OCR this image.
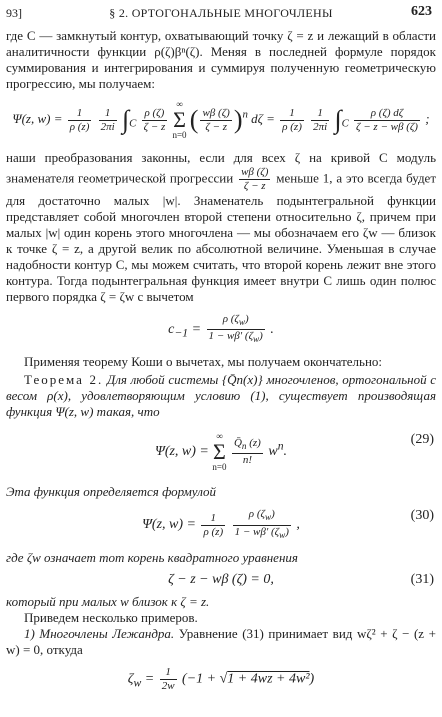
93]	§ 2. ОРТОГОНАЛЬНЫЕ МНОГОЧЛЕНЫ	623

где C — замкнутый контур, охватывающий точку ζ = z и лежащий в области аналитичности функции ρ(ζ)βⁿ(ζ). Меняя в последней формуле порядок суммирования и интегрирования и суммируя полученную геометрическую прогрессию, мы получаем:

Ψ(z, $w) = \frac{1}{\rho (z)}$
$\frac{1}{2\pi i} \int_C \frac{\rho (\zeta)}{\zeta - z}$
∞
Σ
n=0 ( $\frac{w\beta (\zeta)}{\zeta - z} )^n$ $d\zeta = \frac{1}{\rho (z)}$
$\frac{1}{2\pi i} \int_C \frac{\rho (\zeta) d\zeta}{\zeta - z - w\beta (\zeta)}$ ;

наши преобразования законны, если для всех ζ на кривой C модуль знаменателя геометрической прогрессии $\frac{w\beta (\zeta)}{\zeta - z}$ меньше 1, а это всегда будет для достаточно малых |w|. Знаменатель подынтегральной функции представляет собой многочлен второй степени относительно ζ, причем при малых |w| один корень этого многочлена — мы обозначаем его ζw — близок к точке ζ = z, а другой велик по абсолютной величине. Уменьшая в случае надобности контур C, мы можем считать, что второй корень лежит вне этого контура. Тогда подынтегральная функция имеет внутри C лишь один полюс первого порядка ζ = ζw с вычетом

$c_{-1} = \frac{\rho (\zeta_w)}{1 - w\beta' (\zeta_w)}$ .

Применяя теорему Коши о вычетах, мы получаем окончательно:

Теорема 2. Для любой системы {Q̄n(x)} многочленов, ортогональной с весом ρ(x), удовлетворяющим условию (1), существует производящая функция Ψ(z, w) такая, что

Ψ(z, w) = ∞
Σ
$n=0 \frac{Q̄_n (z)}{n!} w^n$.
(29)

Эта функция определяется формулой

Ψ(z, $w) = \frac{1}{\rho (z)}$
$\frac{\rho (\zeta_w)}{1 - w\beta' (\zeta_w)}$ ,
(30)

где ζw означает тот корень квадратного уравнения

ζ − z − wβ (ζ) = 0,	(31)

который при малых w близок к ζ = z.

Приведем несколько примеров.

1) Многочлены Лежандра. Уравнение (31) принимает вид wζ² + ζ − (z + w) = 0, откуда

$\zeta_w = \frac{1}{2w} (-1 + √1 + 4wz + 4w^2)$
